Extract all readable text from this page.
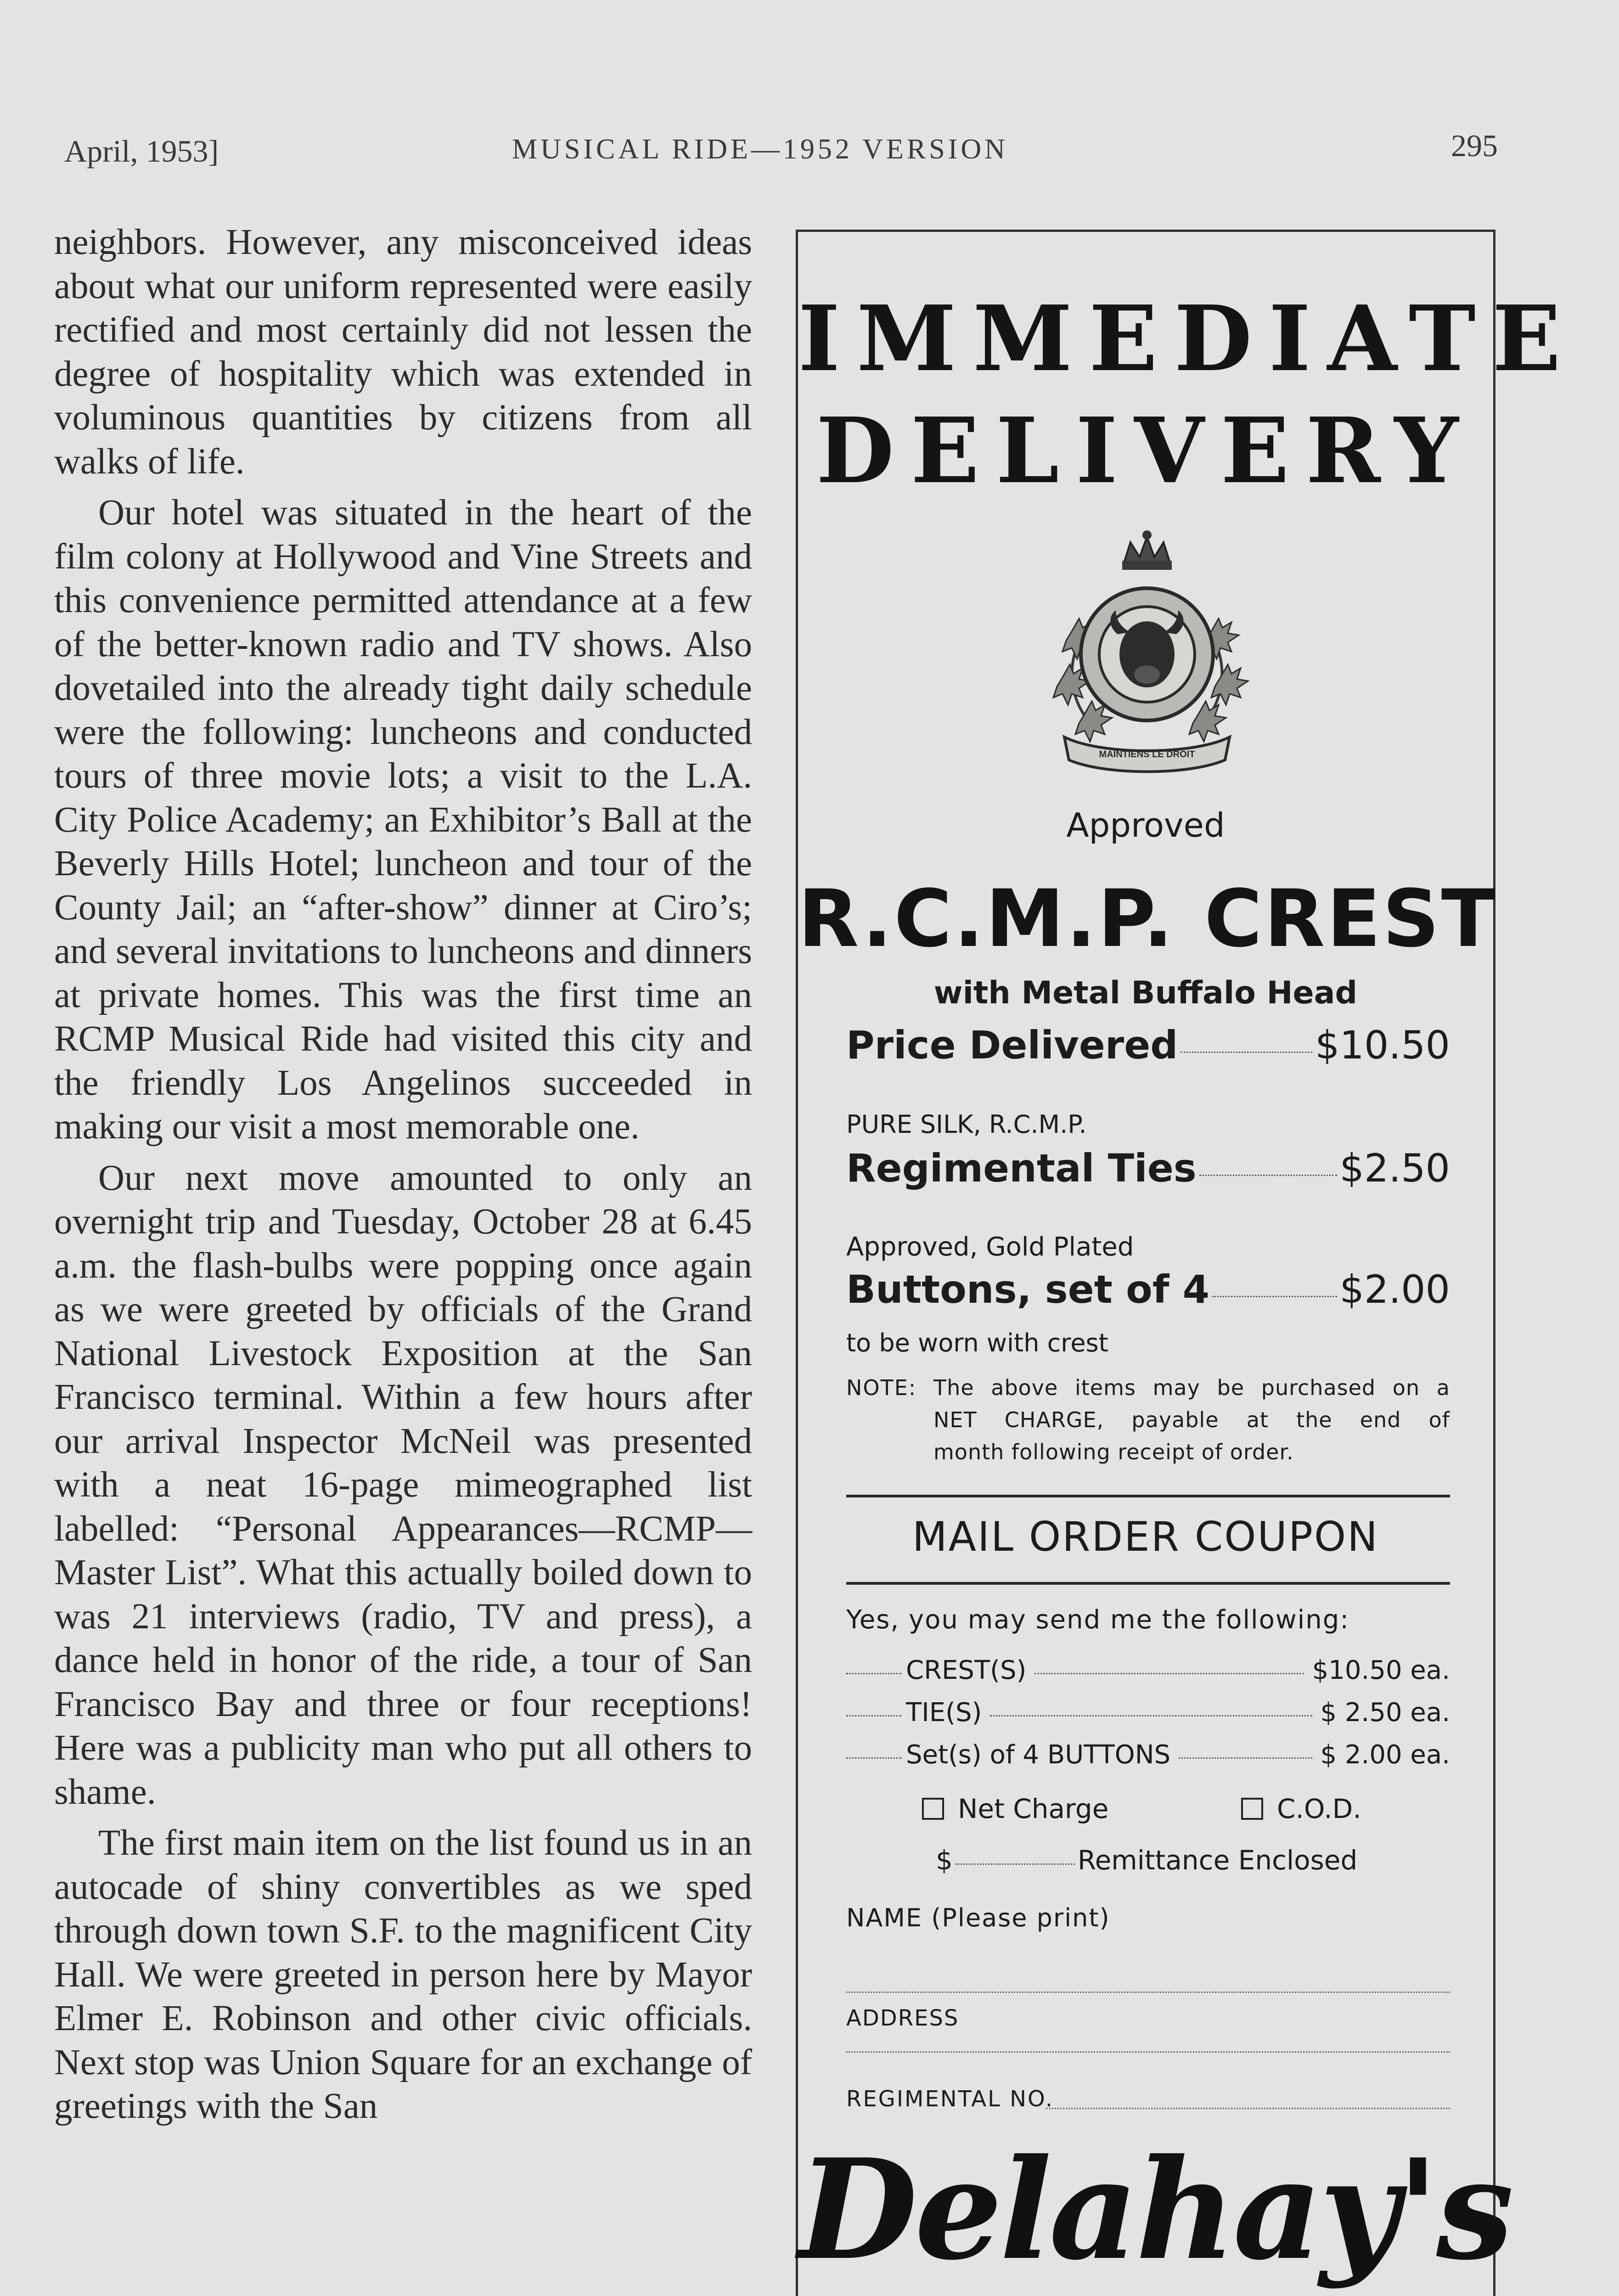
April, 1953]	MUSICAL RIDE—1952 VERSION	295

neighbors. However, any misconceived ideas about what our uniform represented were easily rectified and most certainly did not lessen the degree of hospitality which was extended in voluminous quantities by citizens from all walks of life.

Our hotel was situated in the heart of the film colony at Hollywood and Vine Streets and this convenience permitted attendance at a few of the better-known radio and TV shows. Also dovetailed into the already tight daily schedule were the following: luncheons and conducted tours of three movie lots; a visit to the L.A. City Police Academy; an Exhibitor’s Ball at the Beverly Hills Hotel; luncheon and tour of the County Jail; an “after-show” dinner at Ciro’s; and several invitations to luncheons and dinners at private homes. This was the first time an RCMP Musical Ride had visited this city and the friendly Los Angelinos succeeded in making our visit a most memorable one.

Our next move amounted to only an overnight trip and Tuesday, October 28 at 6.45 a.m. the flash-bulbs were popping once again as we were greeted by officials of the Grand National Livestock Exposition at the San Francisco terminal. Within a few hours after our arrival Inspector McNeil was presented with a neat 16-page mimeographed list labelled: “Personal Appearances—RCMP—Master List”. What this actually boiled down to was 21 interviews (radio, TV and press), a dance held in honor of the ride, a tour of San Francisco Bay and three or four receptions! Here was a publicity man who put all others to shame.

The first main item on the list found us in an autocade of shiny convertibles as we sped through down town S.F. to the magnificent City Hall. We were greeted in person here by Mayor Elmer E. Robinson and other civic officials. Next stop was Union Square for an exchange of greetings with the San

IMMEDIATE
DELIVERY
MAINTIENS LE DROIT
Approved
R.C.M.P. CREST
with Metal Buffalo Head
Price Delivered	$10.50
PURE SILK, R.C.M.P.
Regimental Ties	$2.50
Approved, Gold Plated
Buttons, set of 4	$2.00
to be worn with crest
NOTE: The above items may be purchased on a
NET CHARGE, payable at the end of
month following receipt of order.
MAIL ORDER COUPON
Yes, you may send me the following:
CREST(S)	$10.50 ea.
TIE(S)	$ 2.50 ea.
Set(s) of 4 BUTTONS	$ 2.00 ea.
Net Charge	C.O.D.
$	Remittance Enclosed
NAME (Please print)
ADDRESS
REGIMENTAL NO.
Delahay's
